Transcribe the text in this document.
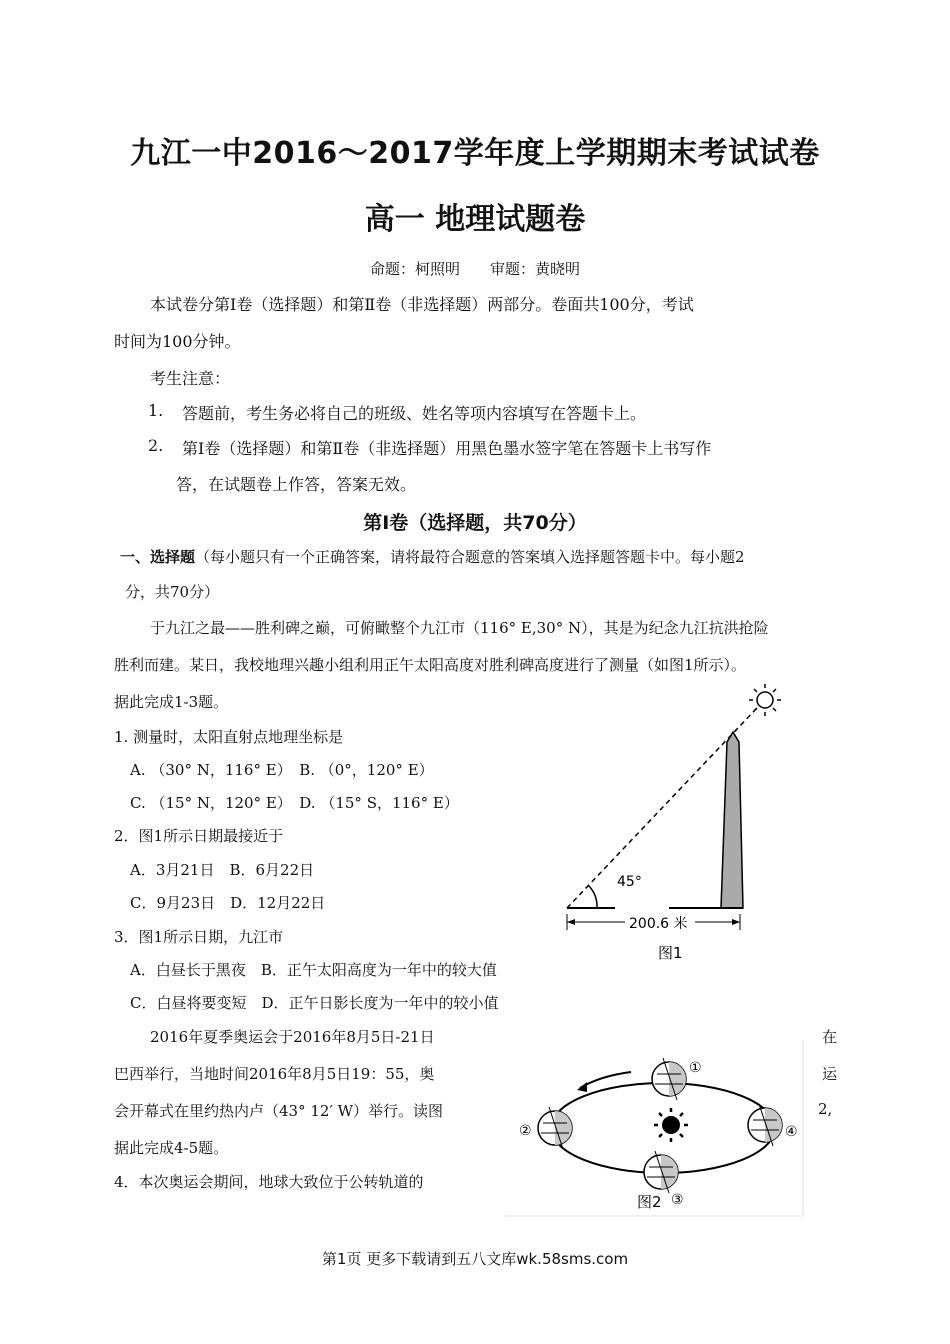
九江一中2016～2017学年度上学期期末考试试卷
高一 地理试题卷
命题：柯照明　　审题：黄晓明
本试卷分第Ⅰ卷（选择题）和第Ⅱ卷（非选择题）两部分。卷面共100分，考试
时间为100分钟。
考生注意：
1. 答题前，考生务必将自己的班级、姓名等项内容填写在答题卡上。
2. 第Ⅰ卷（选择题）和第Ⅱ卷（非选择题）用黑色墨水签字笔在答题卡上书写作
答，在试题卷上作答，答案无效。
第Ⅰ卷（选择题，共70分）
一、选择题（每小题只有一个正确答案，请将最符合题意的答案填入选择题答题卡中。每小题2
分，共70分）
于九江之最——胜利碑之巅，可俯瞰整个九江市（116° E,30° N），其是为纪念九江抗洪抢险
胜利而建。某日，我校地理兴趣小组利用正午太阳高度对胜利碑高度进行了测量（如图1所示）。
据此完成1-3题。
1. 测量时，太阳直射点地理坐标是
A. （30° N，116° E）　B. （0°，120° E）
C. （15° N，120° E）　D. （15° S，116° E）
2．图1所示日期最接近于
A．3月21日　B．6月22日
C．9月23日　D．12月22日
3．图1所示日期，九江市
A．白昼长于黑夜　B．正午太阳高度为一年中的较大值
C．白昼将要变短　D．正午日影长度为一年中的较小值
2016年夏季奥运会于2016年8月5日-21日	在
巴西举行，当地时间2016年8月5日19：55，奥	运
会开幕式在里约热内卢（43° 12′ W）举行。读图	2,
据此完成4-5题。
4．本次奥运会期间，地球大致位于公转轨道的
45°
200.6 米
图1
①
②
③
④
图2
第1页 更多下载请到五八文库wk.58sms.com
